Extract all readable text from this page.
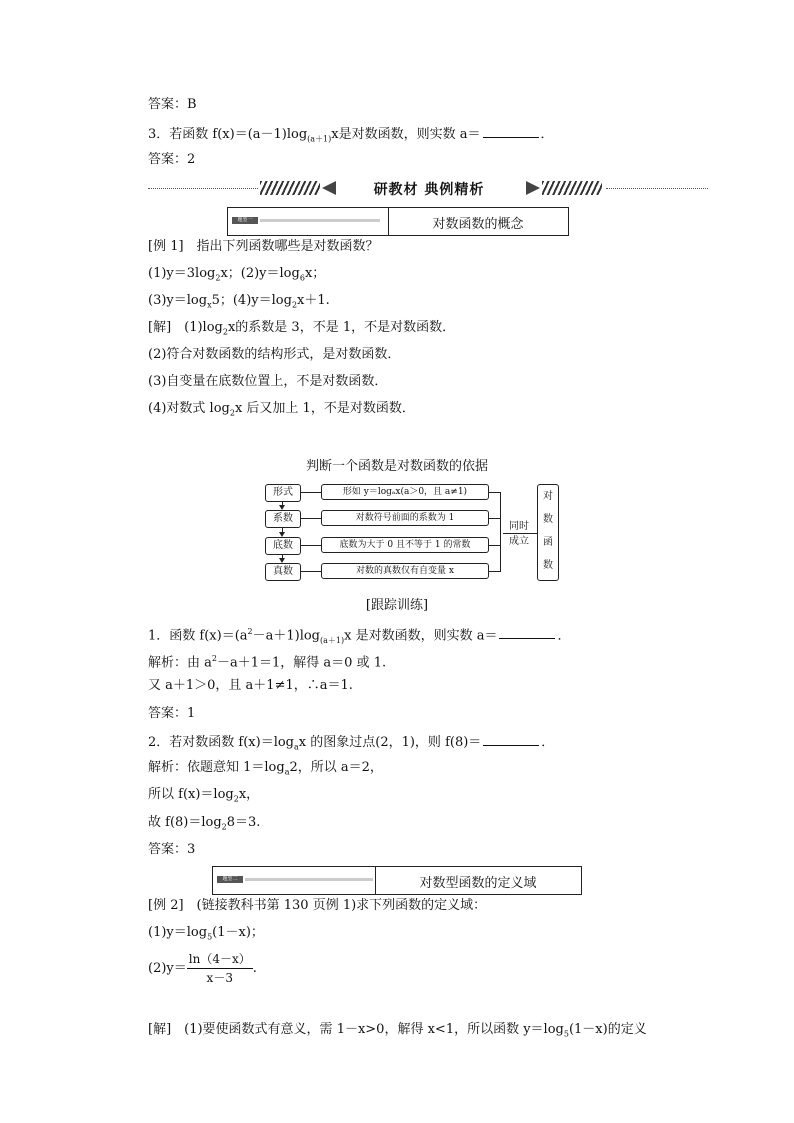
答案：B
3．若函数 $f(x)=(a-1)\log_{(a+1)}x$是对数函数，则实数 a＝	．
答案：2
研教材 典例精析
题型一	对数函数的概念
[例 1]　指出下列函数哪些是对数函数？
$(1)y=3\log_2x$；$(2)y=\log_6x$；
$(3)y=\log_x5$；$(4)y=\log_2x+1$.
[解]　$(1)\log_2x$的系数是 3，不是 1，不是对数函数．
(2)符合对数函数的结构形式，是对数函数．
(3)自变量在底数位置上，不是对数函数．
(4)对数式 $\log_2x$ 后又加上 1，不是对数函数．
判断一个函数是对数函数的依据
形式
系数
底数
真数
形如 y＝logₐx(a＞0，且 a≠1)
对数符号前面的系数为 1
底数为大于 0 且不等于 1 的常数
对数的真数仅有自变量 x
同时
成立
对
数
函
数
[跟踪训练]
1．函数 $f(x)=(a^2-a+1)\log_{(a+1)}x$ 是对数函数，则实数 a＝	．
解析：由 $a^2-a+1=1$，解得 a＝0 或 1.
又 a＋1＞0，且 a＋1≠1，∴a＝1.
答案：1
2．若对数函数 $f(x)=\log_ax$ 的图象过点(2，1)，则 f(8)＝	．
解析：依题意知 $1=\log_a2$，所以 a＝2，
所以 $f(x)=\log_2x$，
故 $f(8)=\log_28=3$.
答案：3
题型二	对数型函数的定义域
[例 2]　(链接教科书第 130 页例 1)求下列函数的定义域：
$(1)y=\log_5(1-x)$；
$(2)y= \frac{\ln(4-x)}{x-3}$ .
[解]　(1)要使函数式有意义，需 1－x>0，解得 x<1，所以函数 $y=\log_5(1-x)$的定义
